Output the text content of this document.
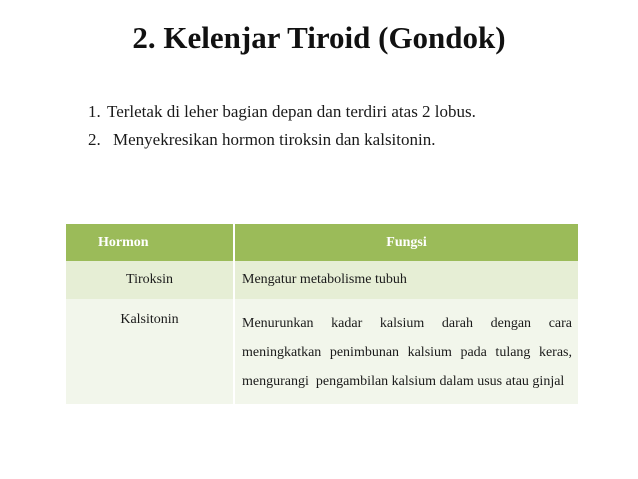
2. Kelenjar Tiroid (Gondok)
1. Terletak di leher bagian depan dan terdiri atas 2 lobus.
2. Menyekresikan hormon tiroksin dan kalsitonin.
Hormon	Fungsi
Tiroksin	Mengatur metabolisme tubuh
Kalsitonin	Menurunkan kadar kalsium darah dengan cara meningkatkan penimbunan kalsium pada tulang keras, mengurangi  pengambilan kalsium dalam usus atau ginjal
